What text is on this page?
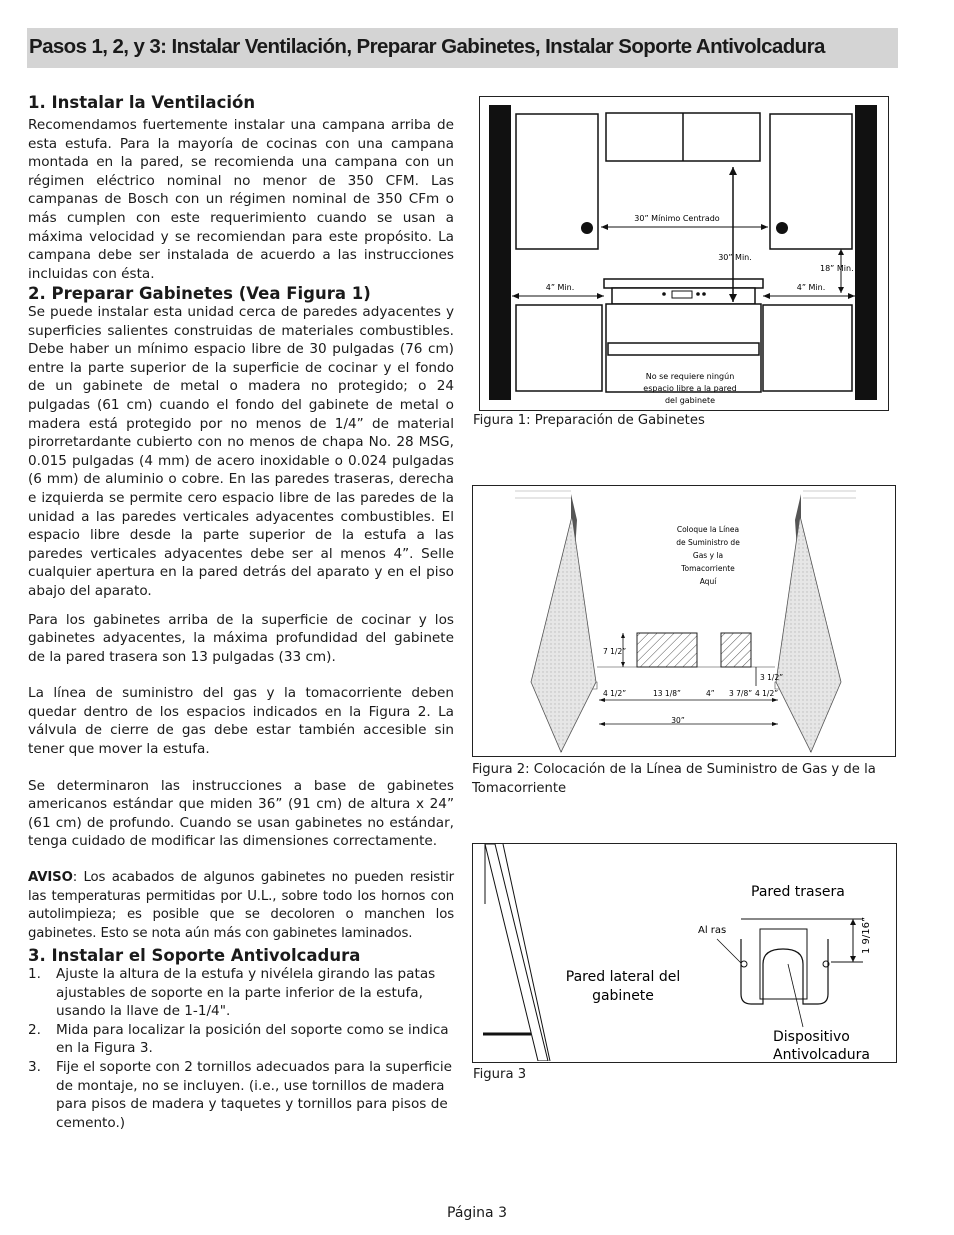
Pasos 1, 2, y 3: Instalar Ventilación, Preparar Gabinetes, Instalar Soporte Antivolcadura
1. Instalar la Ventilación

Recomendamos fuertemente instalar una campana arriba de esta estufa. Para la mayoría de cocinas con una campana montada en la pared, se recomienda una campana con un régimen eléctrico nominal no menor de 350 CFM. Las campanas de Bosch con un régimen nominal de 350 CFm o más cumplen con este requerimiento cuando se usan a máxima velocidad y se recomiendan para este propósito. La campana debe ser instalada de acuerdo a las instrucciones incluidas con ésta.

2. Preparar Gabinetes (Vea Figura 1)

Se puede instalar esta unidad cerca de paredes adyacentes y superficies salientes construidas de materiales combustibles. Debe haber un mínimo espacio libre de 30 pulgadas (76 cm) entre la parte superior de la superficie de cocinar y el fondo de un gabinete de metal o madera no protegido; o 24 pulgadas (61 cm) cuando el fondo del gabinete de metal o madera está protegido por no menos de 1/4” de material pirorretardante cubierto con no menos de chapa No. 28 MSG, 0.015 pulgadas (4 mm) de acero inoxidable o 0.024 pulgadas (6 mm) de aluminio o cobre. En las paredes traseras, derecha e izquierda se permite cero espacio libre de las paredes de la unidad a las paredes verticales adyacentes combustibles. El espacio libre desde la parte superior de la estufa a las paredes verticales adyacentes debe ser al menos 4”. Selle cualquier apertura en la pared detrás del aparato y en el piso abajo del aparato.

Para los gabinetes arriba de la superficie de cocinar y los gabinetes adyacentes, la máxima profundidad del gabinete de la pared trasera son 13 pulgadas (33 cm).

La línea de suministro del gas y la tomacorriente deben quedar dentro de los espacios indicados en la Figura 2. La válvula de cierre de gas debe estar también accesible sin tener que mover la estufa.

Se determinaron las instrucciones a base de gabinetes americanos estándar que miden 36” (91 cm) de altura x 24” (61 cm) de profundo. Cuando se usan gabinetes no estándar, tenga cuidado de modificar las dimensiones correctamente.

AVISO: Los acabados de algunos gabinetes no pueden resistir las temperaturas permitidas por U.L., sobre todo los hornos con autolimpieza; es posible que se decoloren o manchen los gabinetes. Esto se nota aún más con gabinetes laminados.

3. Instalar el Soporte Antivolcadura
1. Ajuste la altura de la estufa y nivélela girando las patas ajustables de soporte en la parte inferior de la estufa, usando la llave de 1-1/4".
2. Mida para localizar la posición del soporte como se indica en la Figura 3.
3. Fije el soporte con 2 tornillos adecuados para la superficie de montaje, no se incluyen. (i.e., use tornillos de madera para pisos de madera y taquetes y tornillos para pisos de cemento.)
30” Mínimo Centrado
30” Min.
18” Min.
4” Min.	4” Min.
No se requiere ningún
espacio libre a la pared
del gabinete
Figura 1: Preparación de Gabinetes
Coloque la Línea
de Suministro de
Gas y la
Tomacorriente
Aquí
7 1/2”
3 1/2”
4 1/2”	13 1/8”	4” 3 7/8” 4 1/2”
30”
Figura 2: Colocación de la Línea de Suministro de Gas y de la Tomacorriente
1 9/16”
Pared trasera
Al ras
Pared lateral del
gabinete
Dispositivo
Antivolcadura
Figura 3
Página 3
